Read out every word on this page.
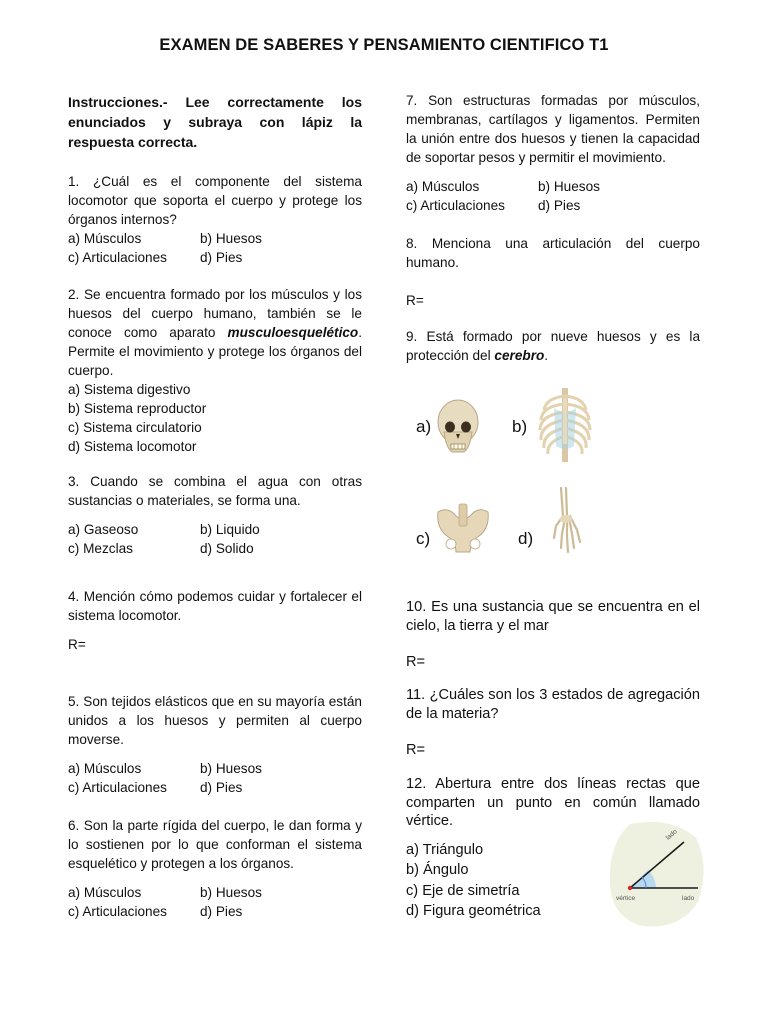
EXAMEN DE SABERES Y PENSAMIENTO CIENTIFICO T1

Instrucciones.- Lee correctamente los enunciados y subraya con lápiz la respuesta correcta.

1. ¿Cuál es el componente del sistema locomotor que soporta el cuerpo y protege los órganos internos?

a) Músculos	b) Huesos
c) Articulaciones	d) Pies

2. Se encuentra formado por los músculos y los huesos del cuerpo humano, también se le conoce como aparato musculoesquelético. Permite el movimiento y protege los órganos del cuerpo.

a) Sistema digestivo
b) Sistema reproductor
c) Sistema circulatorio
d) Sistema locomotor

3. Cuando se combina el agua con otras sustancias o materiales, se forma una.

a) Gaseoso	b) Liquido
c) Mezclas	d) Solido

4. Mención cómo podemos cuidar y fortalecer el sistema locomotor.

R=

5. Son tejidos elásticos que en su mayoría están unidos a los huesos y permiten al cuerpo moverse.

a) Músculos	b) Huesos
c) Articulaciones	d) Pies

6. Son la parte rígida del cuerpo, le dan forma y lo sostienen por lo que conforman el sistema esquelético y protegen a los órganos.

a) Músculos	b) Huesos
c) Articulaciones	d) Pies

7. Son estructuras formadas por músculos, membranas, cartílagos y ligamentos. Permiten la unión entre dos huesos y tienen la capacidad de soportar pesos y permitir el movimiento.

a) Músculos	b) Huesos
c) Articulaciones	d) Pies

8. Menciona una articulación del cuerpo humano.

R=

9. Está formado por nueve huesos y es la protección del cerebro.

a)	b)
c)	d)

10. Es una sustancia que se encuentra en el cielo, la tierra y el mar

R=

11. ¿Cuáles son los 3 estados de agregación de la materia?

R=

12. Abertura entre dos líneas rectas que comparten un punto en común llamado vértice.

a) Triángulo
b) Ángulo
c) Eje de simetría
d) Figura geométrica
lado
vértice	lado
